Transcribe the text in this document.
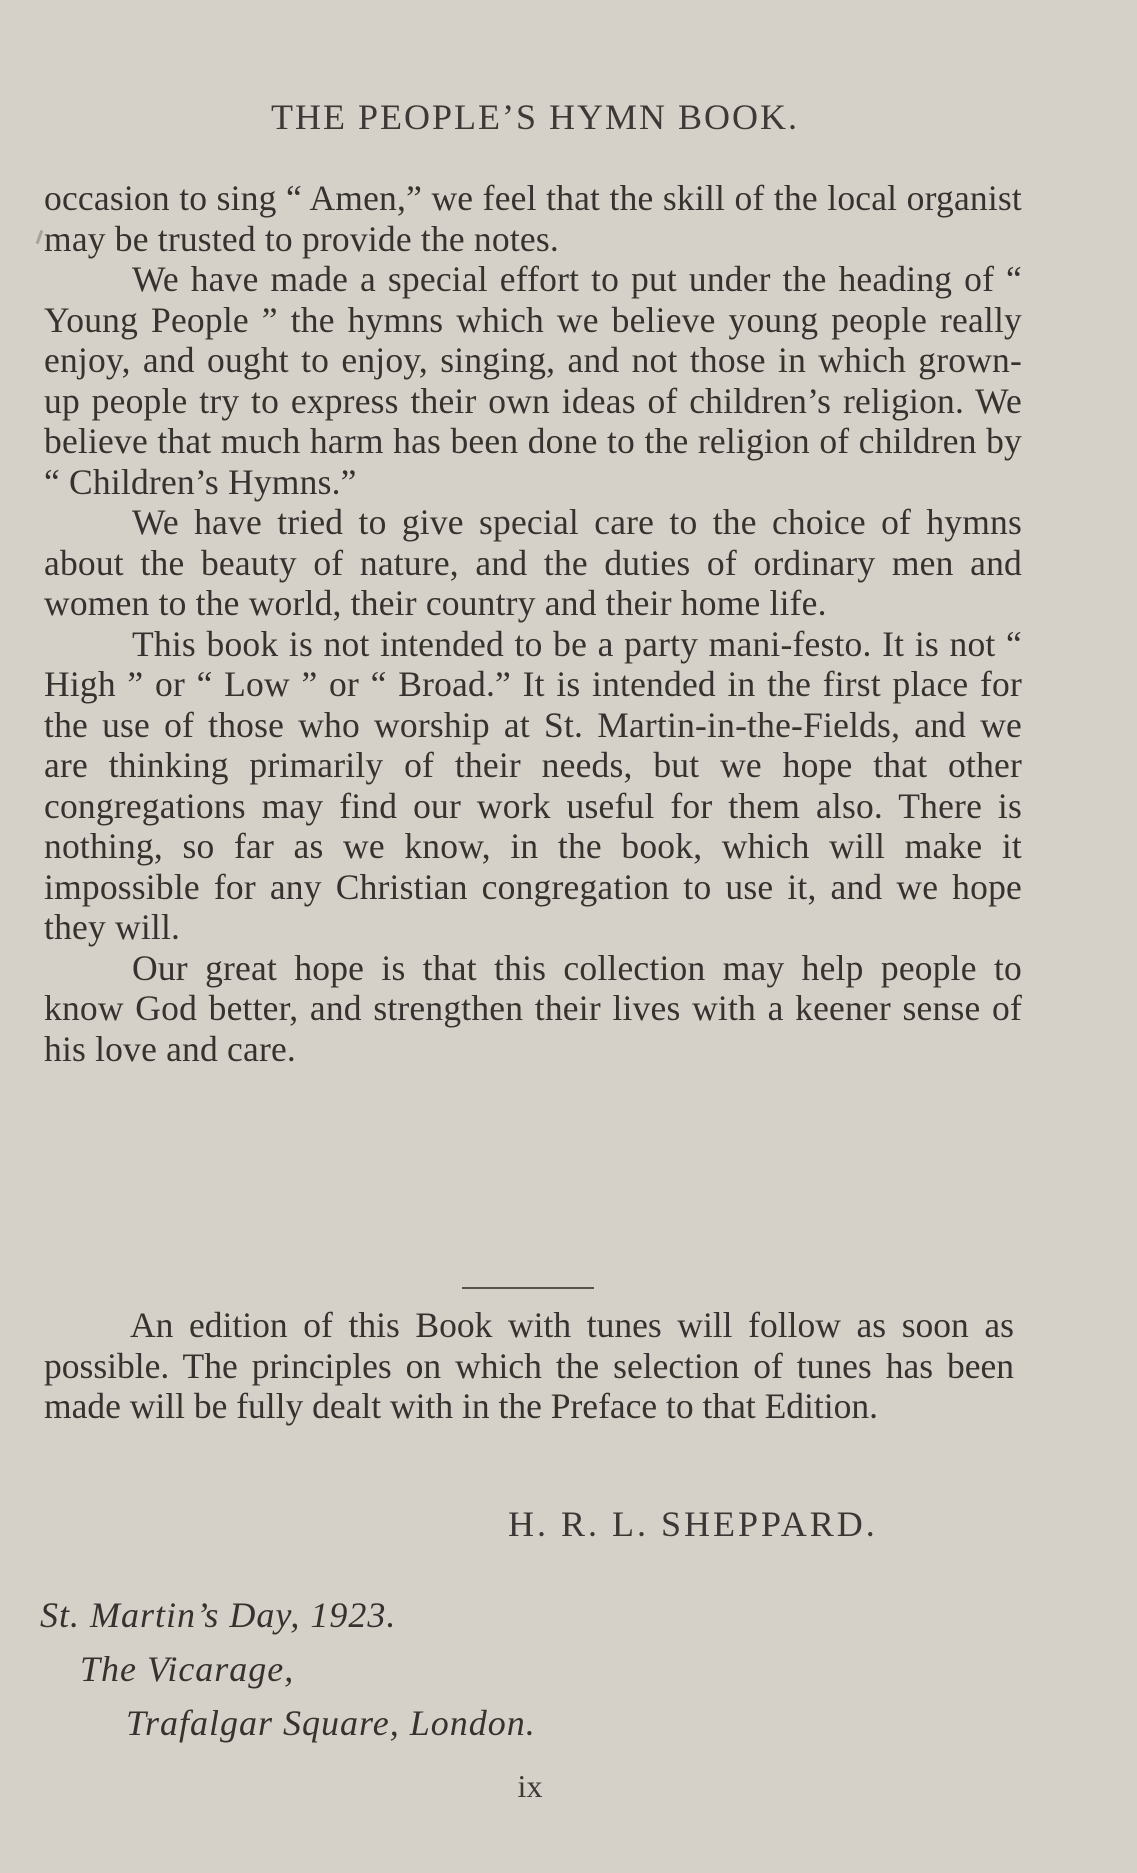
THE PEOPLE’S HYMN BOOK.

occasion to sing “ Amen,” we feel that the skill of the local organist may be trusted to provide the notes.

We have made a special effort to put under the heading of “ Young People ” the hymns which we believe young people really enjoy, and ought to enjoy, singing, and not those in which grown-up people try to express their own ideas of children’s religion. We believe that much harm has been done to the religion of children by “ Children’s Hymns.”

We have tried to give special care to the choice of hymns about the beauty of nature, and the duties of ordinary men and women to the world, their country and their home life.

This book is not intended to be a party mani-festo. It is not “ High ” or “ Low ” or “ Broad.” It is intended in the first place for the use of those who worship at St. Martin-in-the-Fields, and we are thinking primarily of their needs, but we hope that other congregations may find our work useful for them also. There is nothing, so far as we know, in the book, which will make it impossible for any Christian congregation to use it, and we hope they will.

Our great hope is that this collection may help people to know God better, and strengthen their lives with a keener sense of his love and care.

An edition of this Book with tunes will follow as soon as possible. The principles on which the selection of tunes has been made will be fully dealt with in the Preface to that Edition.

H. R. L. SHEPPARD.
St. Martin’s Day, 1923.
The Vicarage,
Trafalgar Square, London.
ix
